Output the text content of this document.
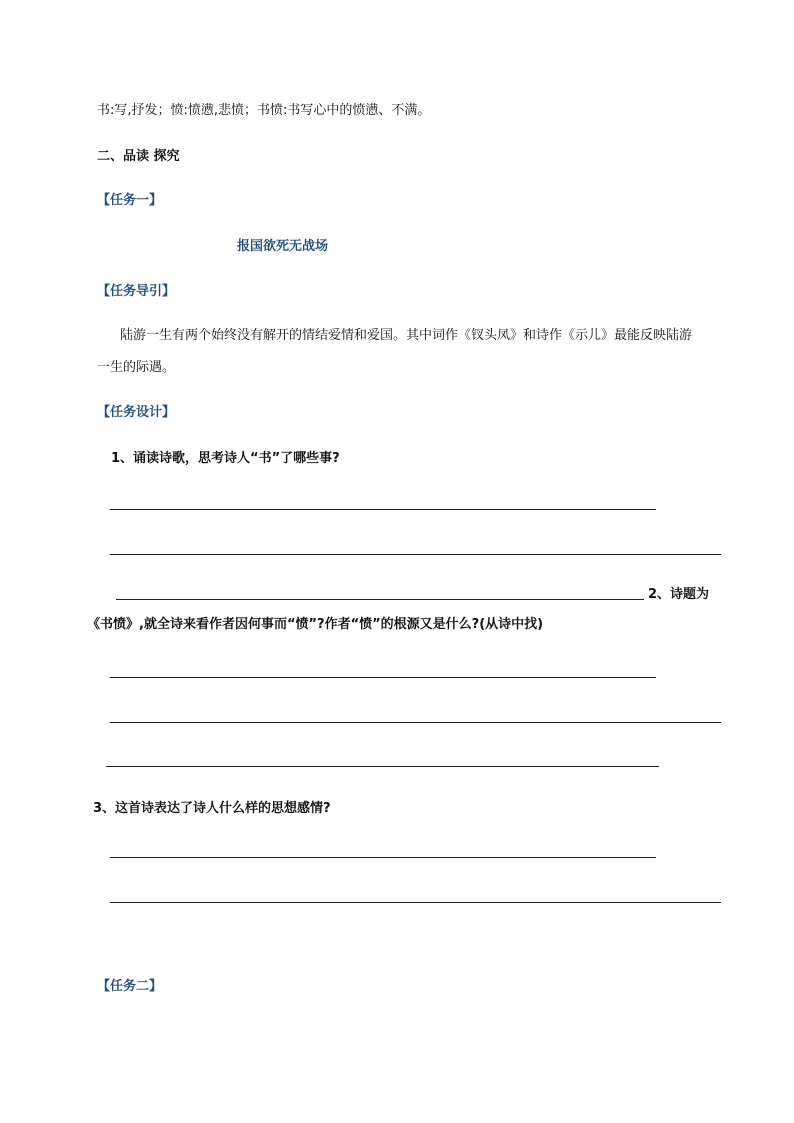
书:写,抒发；愤:愤懑,悲愤；书愤:书写心中的愤懑、不满。
二、品读 探究
【任务一】
报国欲死无战场
【任务导引】
陆游一生有两个始终没有解开的情结爱情和爱国。其中词作《钗头凤》和诗作《示儿》最能反映陆游
一生的际遇。
【任务设计】
1、诵读诗歌，思考诗人“书”了哪些事?
2、诗题为
《书愤》,就全诗来看作者因何事而“愤”?作者“愤”的根源又是什么?(从诗中找)
3、这首诗表达了诗人什么样的思想感情?
【任务二】
